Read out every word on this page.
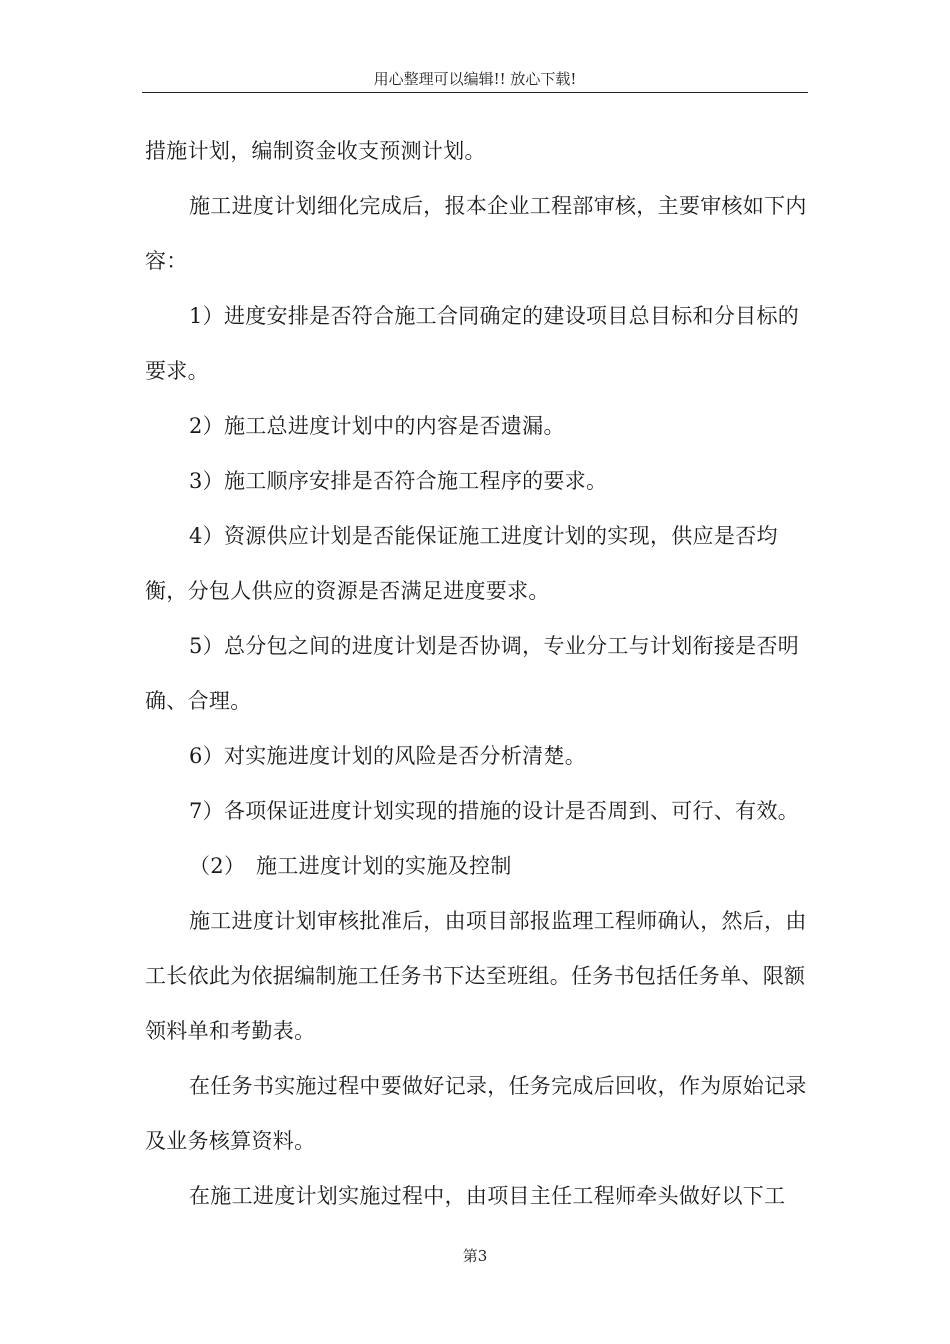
用心整理可以编辑!! 放心下载!

措施计划，编制资金收支预测计划。

施工进度计划细化完成后，报本企业工程部审核，主要审核如下内容：

1）进度安排是否符合施工合同确定的建设项目总目标和分目标的要求。

2）施工总进度计划中的内容是否遗漏。

3）施工顺序安排是否符合施工程序的要求。

4）资源供应计划是否能保证施工进度计划的实现，供应是否均衡，分包人供应的资源是否满足进度要求。

5）总分包之间的进度计划是否协调，专业分工与计划衔接是否明确、合理。

6）对实施进度计划的风险是否分析清楚。

7）各项保证进度计划实现的措施的设计是否周到、可行、有效。

（2）　施工进度计划的实施及控制

施工进度计划审核批准后，由项目部报监理工程师确认，然后，由工长依此为依据编制施工任务书下达至班组。任务书包括任务单、限额领料单和考勤表。

在任务书实施过程中要做好记录，任务完成后回收，作为原始记录及业务核算资料。

在施工进度计划实施过程中，由项目主任工程师牵头做好以下工

第3
